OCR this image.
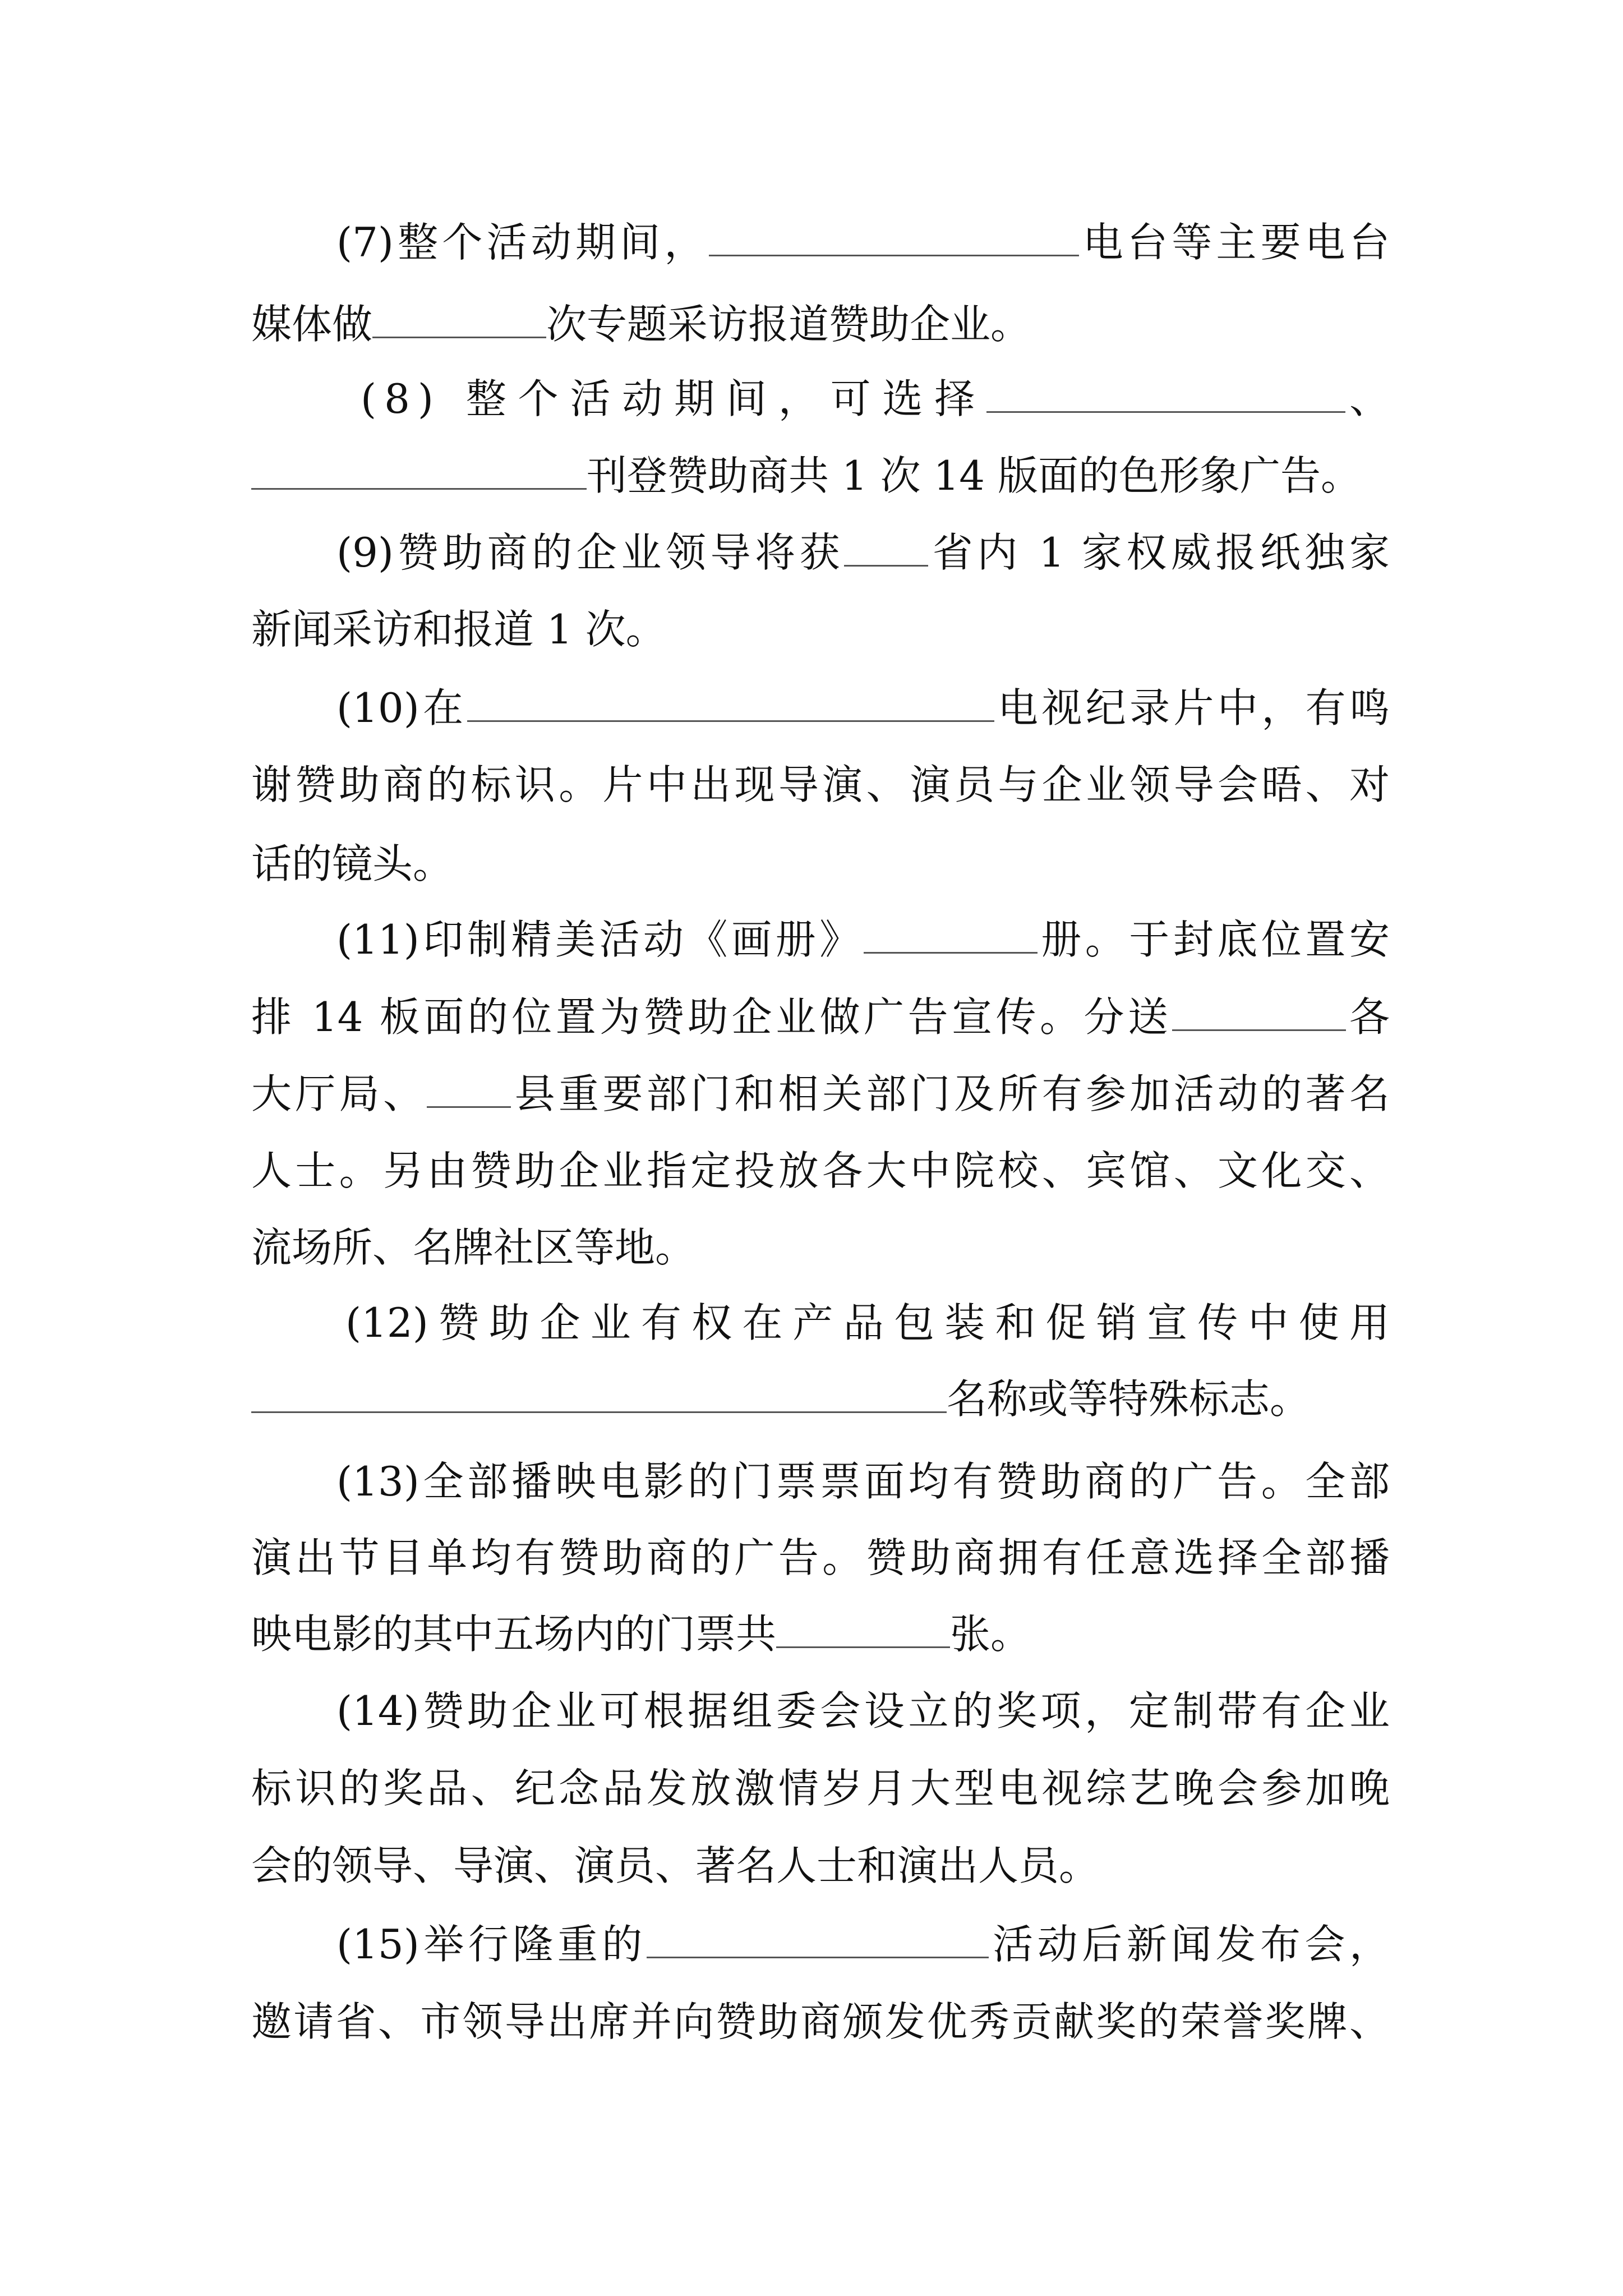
(7)整个活动期间，	电台等主要电台
媒体做	次专题采访报道赞助企业。
(8) 整个活动期间，可选择	、
刊登赞助商共 1 次 14 版面的色形象广告。
(9)赞助商的企业领导将获 省内 1 家权威报纸独家
新闻采访和报道 1 次。
(10)在	电视纪录片中，有鸣
谢赞助商的标识。片中出现导演、演员与企业领导会晤、对
话的镜头。
(11)印制精美活动《画册》	册。于封底位置安
排 14 板面的位置为赞助企业做广告宣传。分送	各
大厅局、 县重要部门和相关部门及所有参加活动的著名
人士。另由赞助企业指定投放各大中院校、宾馆、文化交、
流场所、名牌社区等地。
(12)赞助企业有权在产品包装和促销宣传中使用
名称或等特殊标志。
(13)全部播映电影的门票票面均有赞助商的广告。全部
演出节目单均有赞助商的广告。赞助商拥有任意选择全部播
映电影的其中五场内的门票共	张。
(14)赞助企业可根据组委会设立的奖项，定制带有企业
标识的奖品、纪念品发放激情岁月大型电视综艺晚会参加晚
会的领导、导演、演员、著名人士和演出人员。
(15)举行隆重的	活动后新闻发布会，
邀请省、市领导出席并向赞助商颁发优秀贡献奖的荣誉奖牌、
